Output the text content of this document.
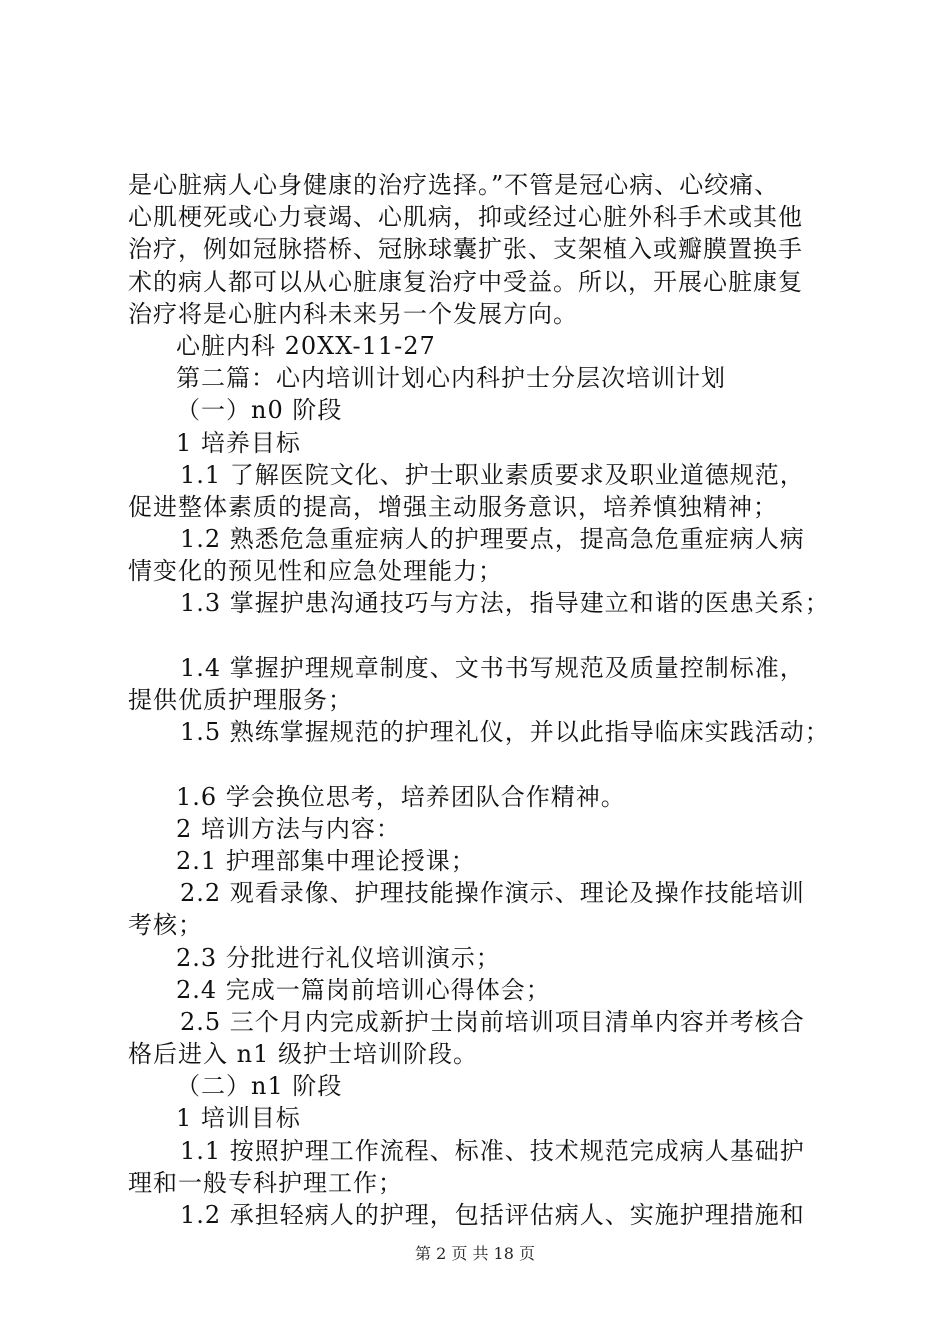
是心脏病人心身健康的治疗选择。”不管是冠心病、心绞痛、
心肌梗死或心力衰竭、心肌病，抑或经过心脏外科手术或其他
治疗，例如冠脉搭桥、冠脉球囊扩张、支架植入或瓣膜置换手
术的病人都可以从心脏康复治疗中受益。所以，开展心脏康复
治疗将是心脏内科未来另一个发展方向。
心脏内科 20XX-11-27
第二篇：心内培训计划心内科护士分层次培训计划
（一）n0 阶段
1 培养目标
1.1 了解医院文化、护士职业素质要求及职业道德规范，
促进整体素质的提高，增强主动服务意识，培养慎独精神；
1.2 熟悉危急重症病人的护理要点，提高急危重症病人病
情变化的预见性和应急处理能力；
1.3 掌握护患沟通技巧与方法，指导建立和谐的医患关系；
1.4 掌握护理规章制度、文书书写规范及质量控制标准，
提供优质护理服务；
1.5 熟练掌握规范的护理礼仪，并以此指导临床实践活动；
1.6 学会换位思考，培养团队合作精神。
2 培训方法与内容：
2.1 护理部集中理论授课；
2.2 观看录像、护理技能操作演示、理论及操作技能培训
考核；
2.3 分批进行礼仪培训演示；
2.4 完成一篇岗前培训心得体会；
2.5 三个月内完成新护士岗前培训项目清单内容并考核合
格后进入 n1 级护士培训阶段。
（二）n1 阶段
1 培训目标
1.1 按照护理工作流程、标准、技术规范完成病人基础护
理和一般专科护理工作；
1.2 承担轻病人的护理，包括评估病人、实施护理措施和
第 2 页 共 18 页
